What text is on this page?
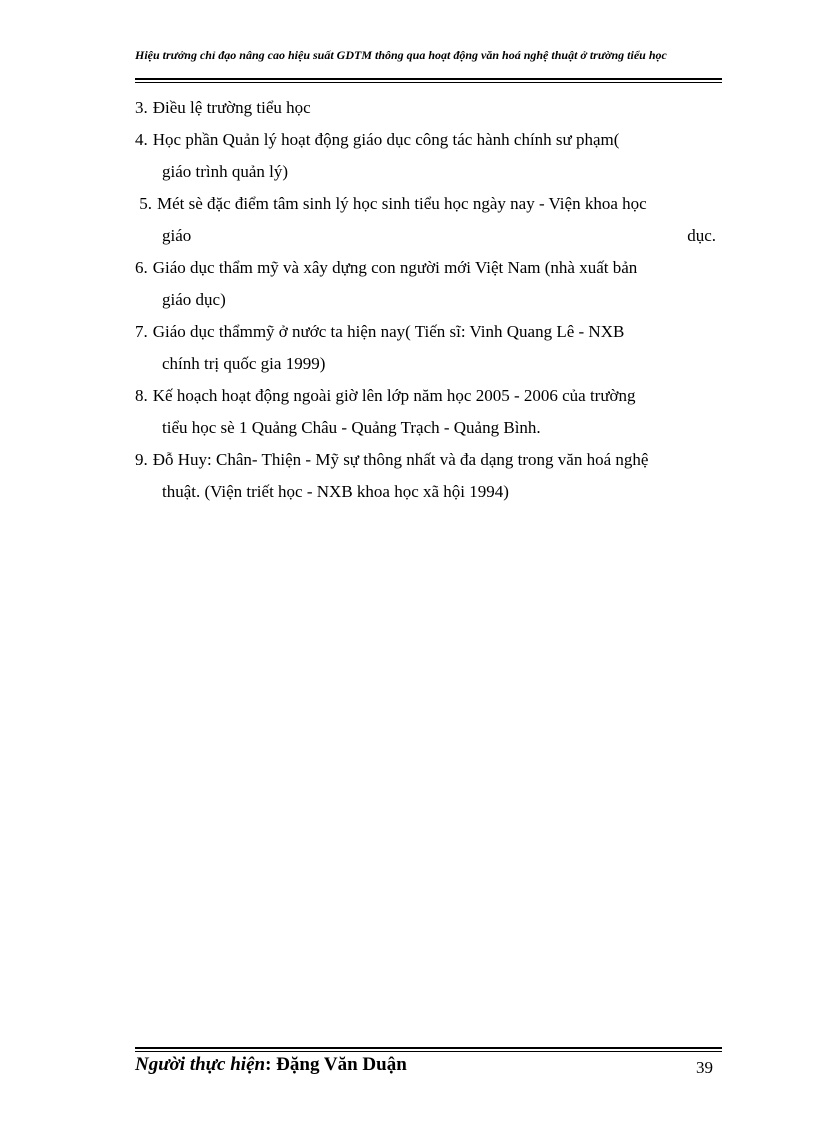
Hiệu trưởng chỉ đạo nâng cao hiệu suất GDTM thông qua hoạt động văn hoá nghệ thuật ở trường tiểu học
3. Điều lệ trường tiểu học
4. Học phần Quản lý hoạt động giáo dục công tác hành chính sư phạm(
giáo trình quản lý)
5. Mét sè đặc điểm tâm sinh lý học sinh tiểu học ngày nay - Viện khoa học
giáo	dục.
6. Giáo dục thẩm mỹ và xây dựng con người mới Việt Nam (nhà xuất bản
giáo dục)
7. Giáo dục thẩmmỹ ở nước ta hiện nay( Tiến sĩ: Vinh Quang Lê - NXB
chính trị quốc gia 1999)
8. Kế hoạch hoạt động ngoài giờ lên lớp năm học 2005 - 2006 của trường
tiểu học sè 1 Quảng Châu - Quảng Trạch - Quảng Bình.
9. Đỗ Huy: Chân- Thiện - Mỹ sự thông nhất và đa dạng trong văn hoá nghệ
thuật. (Viện triết học - NXB khoa học xã hội 1994)
Người thực hiện: Đặng Văn Duận	39
